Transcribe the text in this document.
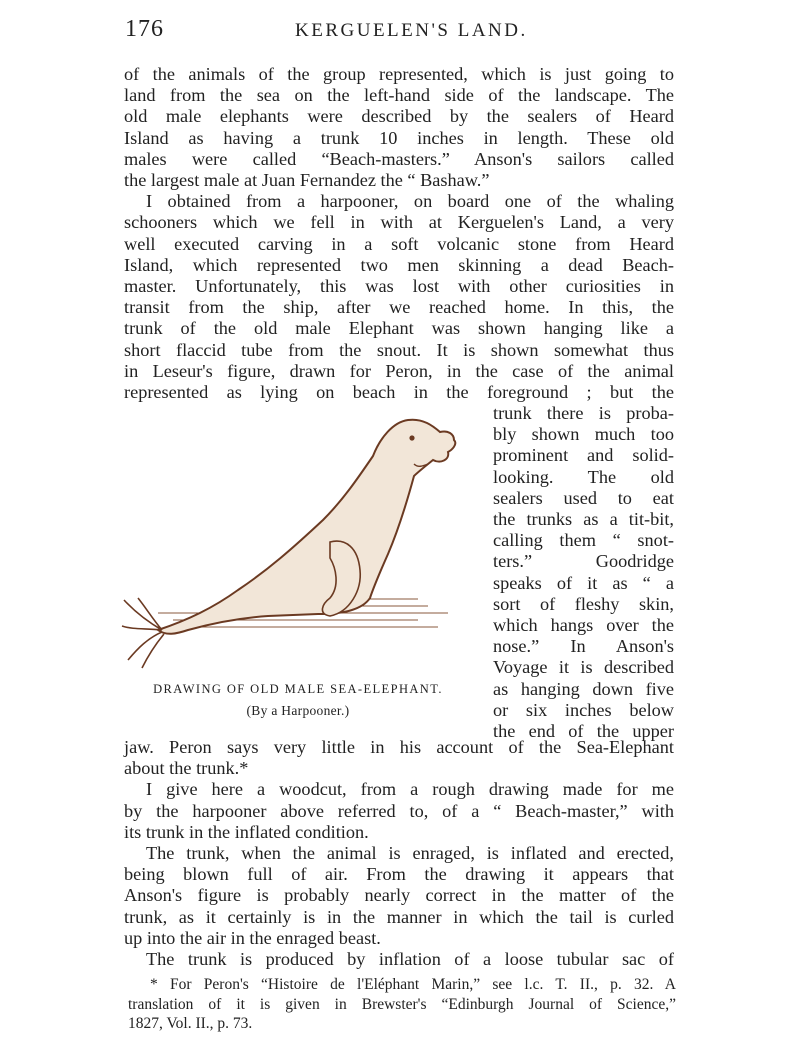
176	KERGUELEN'S LAND.
of the animals of the group represented, which is just going to
land from the sea on the left-hand side of the landscape. The
old male elephants were described by the sealers of Heard
Island as having a trunk 10 inches in length. These old
males were called “Beach-masters.” Anson's sailors called
the largest male at Juan Fernandez the “ Bashaw.”
I obtained from a harpooner, on board one of the whaling
schooners which we fell in with at Kerguelen's Land, a very
well executed carving in a soft volcanic stone from Heard
Island, which represented two men skinning a dead Beach-
master. Unfortunately, this was lost with other curiosities in
transit from the ship, after we reached home. In this, the
trunk of the old male Elephant was shown hanging like a
short flaccid tube from the snout. It is shown somewhat thus
in Leseur's figure, drawn for Peron, in the case of the animal
represented as lying on beach in the foreground ; but the
DRAWING OF OLD MALE SEA-ELEPHANT.
(By a Harpooner.)
trunk there is proba-
bly shown much too
prominent and solid-
looking. The old
sealers used to eat
the trunks as a tit-bit,
calling them “ snot-
ters.” Goodridge
speaks of it as “ a
sort of fleshy skin,
which hangs over the
nose.” In Anson's
Voyage it is described
as hanging down five
or six inches below
the end of the upper
jaw. Peron says very little in his account of the Sea-Elephant
about the trunk.*
I give here a woodcut, from a rough drawing made for me
by the harpooner above referred to, of a “ Beach-master,” with
its trunk in the inflated condition.
The trunk, when the animal is enraged, is inflated and erected,
being blown full of air. From the drawing it appears that
Anson's figure is probably nearly correct in the matter of the
trunk, as it certainly is in the manner in which the tail is curled
up into the air in the enraged beast.
The trunk is produced by inflation of a loose tubular sac of
* For Peron's “Histoire de l'Eléphant Marin,” see l.c. T. II., p. 32. A
translation of it is given in Brewster's “Edinburgh Journal of Science,”
1827, Vol. II., p. 73.
